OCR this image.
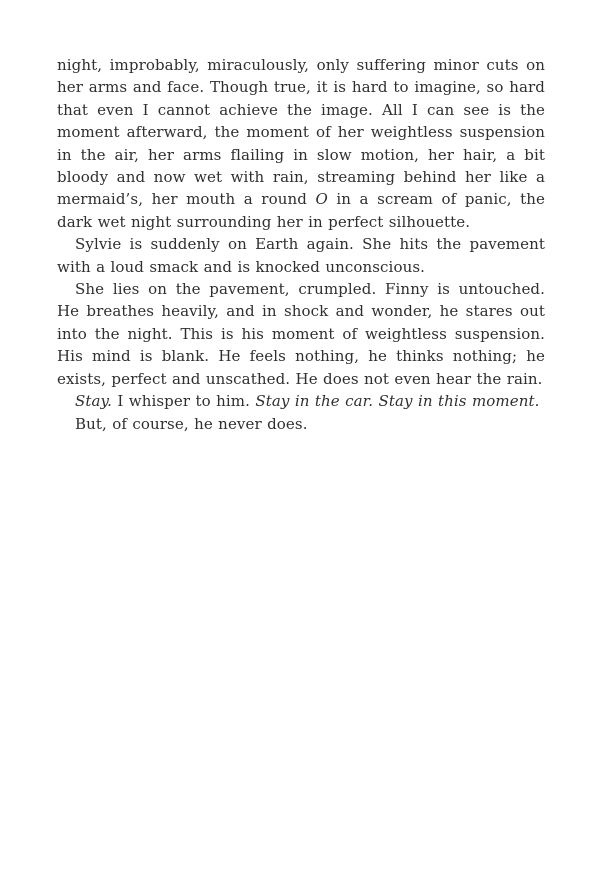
night, improbably, miraculously, only suffering minor cuts on her arms and face. Though true, it is hard to imagine, so hard that even I cannot achieve the image. All I can see is the moment afterward, the moment of her weightless suspension in the air, her arms flailing in slow motion, her hair, a bit bloody and now wet with rain, streaming behind her like a mermaid’s, her mouth a round O in a scream of panic, the dark wet night surrounding her in perfect silhouette.

Sylvie is suddenly on Earth again. She hits the pavement with a loud smack and is knocked unconscious.

She lies on the pavement, crumpled. Finny is untouched. He breathes heavily, and in shock and wonder, he stares out into the night. This is his moment of weightless suspension. His mind is blank. He feels nothing, he thinks nothing; he exists, perfect and unscathed. He does not even hear the rain.

Stay. I whisper to him. Stay in the car. Stay in this moment.

But, of course, he never does.
